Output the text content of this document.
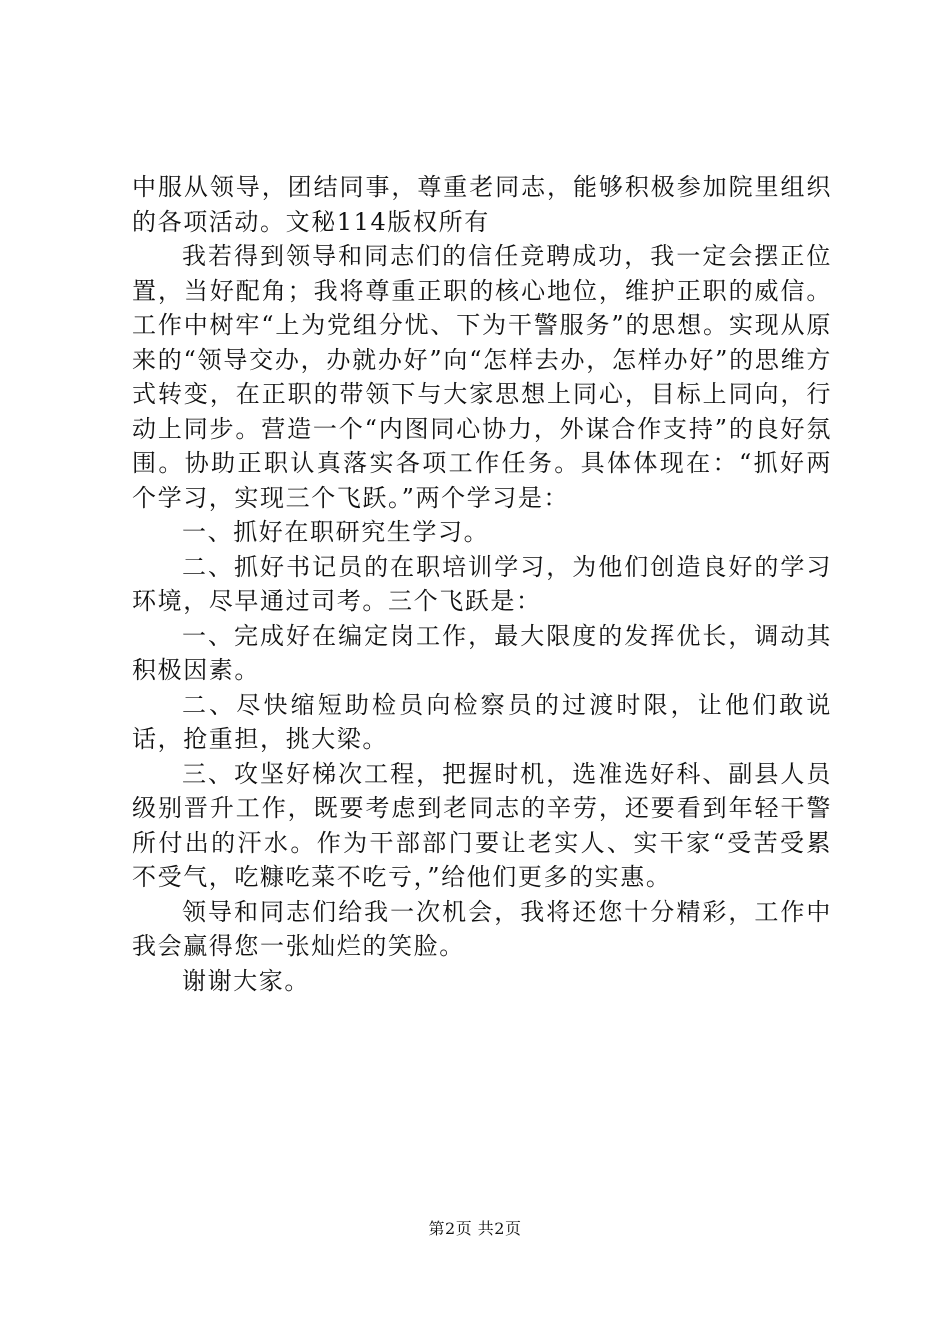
中服从领导，团结同事，尊重老同志，能够积极参加院里组织的各项活动。文秘114版权所有

我若得到领导和同志们的信任竞聘成功，我一定会摆正位置，当好配角；我将尊重正职的核心地位，维护正职的威信。工作中树牢“上为党组分忧、下为干警服务”的思想。实现从原来的“领导交办，办就办好”向“怎样去办，怎样办好”的思维方式转变，在正职的带领下与大家思想上同心，目标上同向，行动上同步。营造一个“内图同心协力，外谋合作支持”的良好氛围。协助正职认真落实各项工作任务。具体体现在：“抓好两个学习，实现三个飞跃。”两个学习是：

一、抓好在职研究生学习。

二、抓好书记员的在职培训学习，为他们创造良好的学习环境，尽早通过司考。三个飞跃是：

一、完成好在编定岗工作，最大限度的发挥优长，调动其积极因素。

二、尽快缩短助检员向检察员的过渡时限，让他们敢说话，抢重担，挑大梁。

三、攻坚好梯次工程，把握时机，选准选好科、副县人员级别晋升工作，既要考虑到老同志的辛劳，还要看到年轻干警所付出的汗水。作为干部部门要让老实人、实干家“受苦受累不受气，吃糠吃菜不吃亏，”给他们更多的实惠。

领导和同志们给我一次机会，我将还您十分精彩，工作中我会赢得您一张灿烂的笑脸。

谢谢大家。

第2页 共2页
